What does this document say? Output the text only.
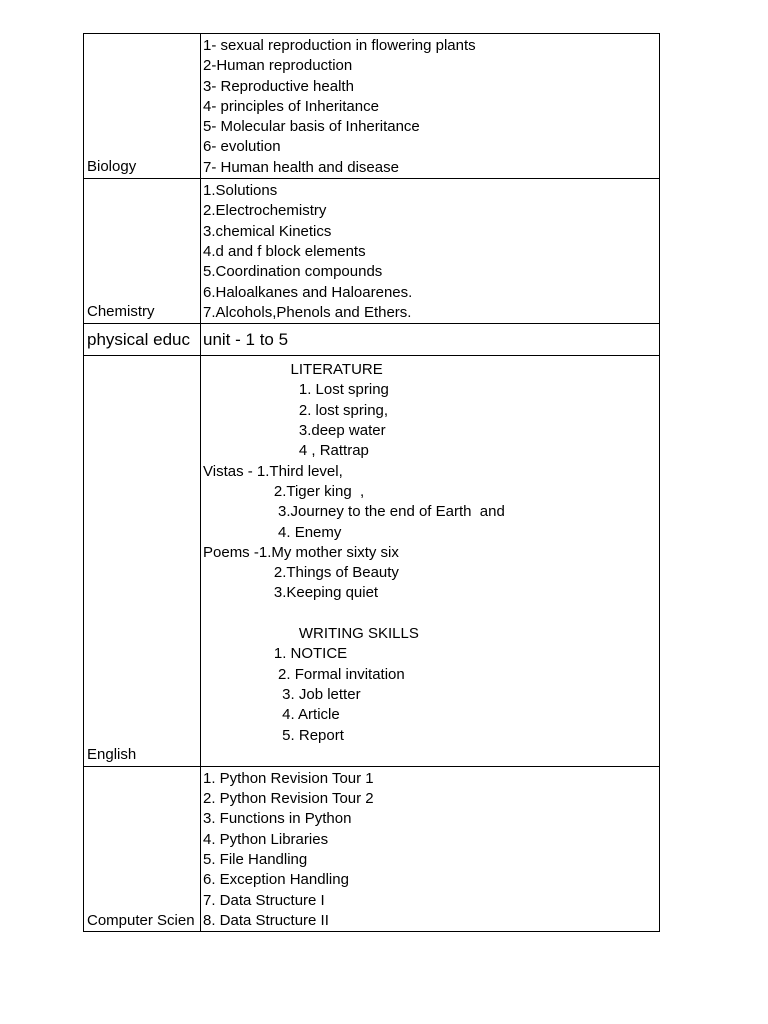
Biology
1- sexual reproduction in flowering plants
2-Human reproduction
3- Reproductive health
4- principles of Inheritance
5- Molecular basis of Inheritance
6- evolution
7- Human health and disease
Chemistry
1.Solutions
2.Electrochemistry
3.chemical Kinetics
4.d and f block elements
5.Coordination compounds
6.Haloalkanes and Haloarenes.
7.Alcohols,Phenols and Ethers.
physical educ unit - 1 to 5
English
LITERATURE
1. Lost spring
2. lost spring,
3.deep water
4 , Rattrap
Vistas - 1.Third level,
2.Tiger king  ,
3.Journey to the end of Earth  and
4. Enemy
Poems -1.My mother sixty six
2.Things of Beauty
3.Keeping quiet
WRITING SKILLS
1. NOTICE
2. Formal invitation
3. Job letter
4. Article
5. Report
Computer Scien
1. Python Revision Tour 1
2. Python Revision Tour 2
3. Functions in Python
4. Python Libraries
5. File Handling
6. Exception Handling
7. Data Structure I
8. Data Structure II
